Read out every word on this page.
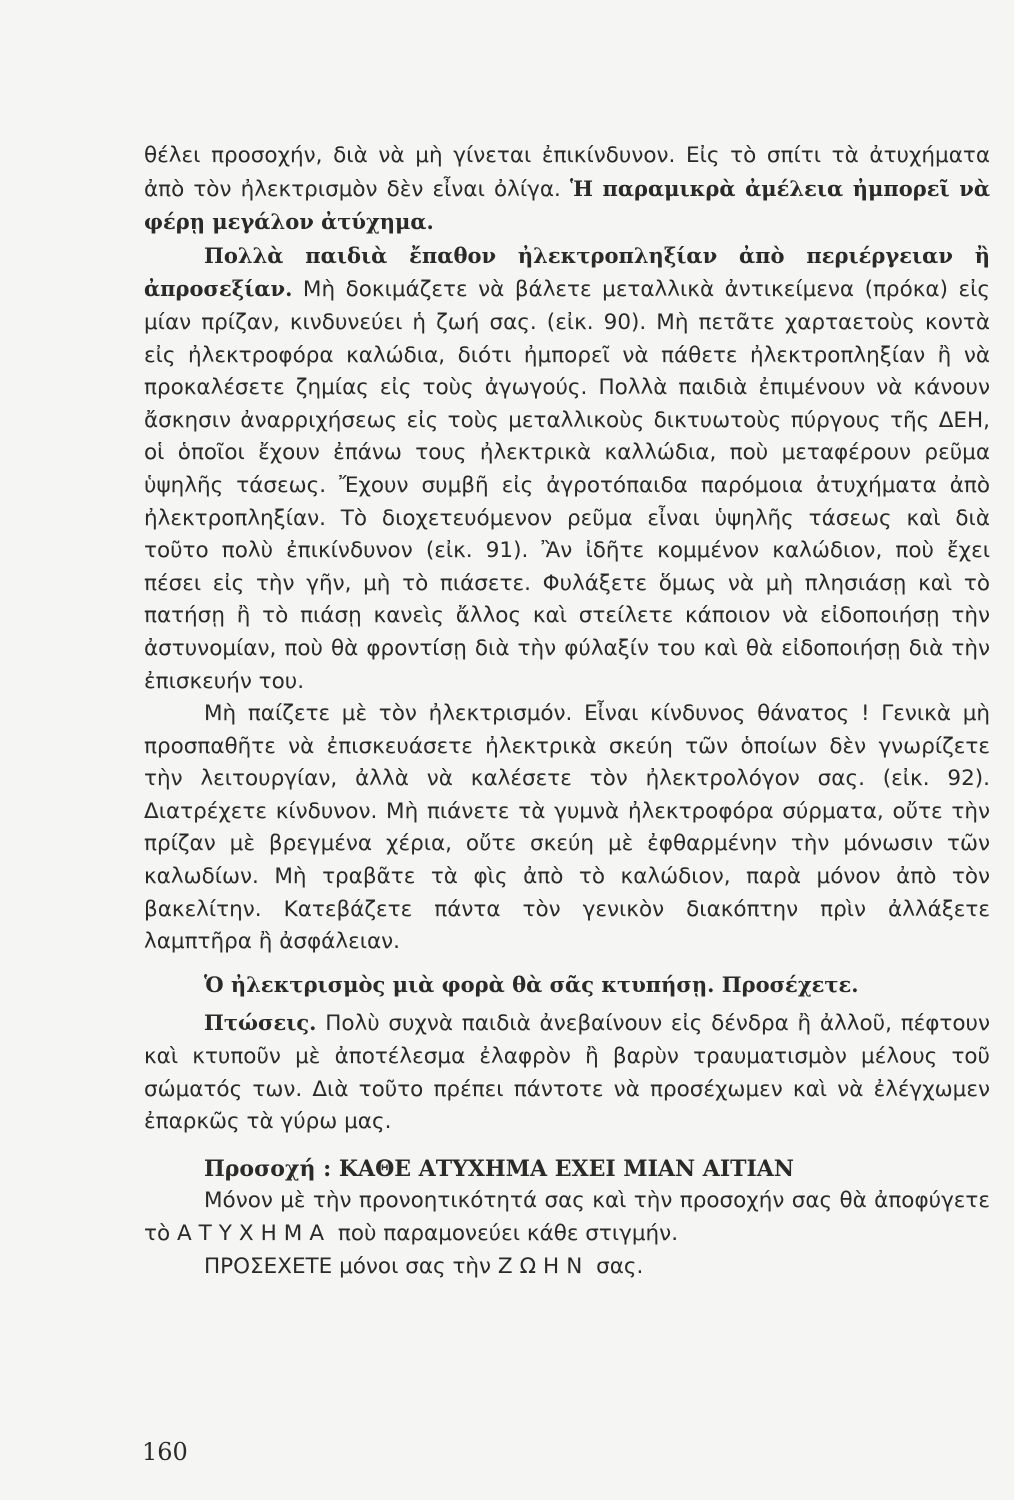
θέλει προσοχήν, διὰ νὰ μὴ γίνεται ἐπικίνδυνον. Εἰς τὸ σπίτι τὰ ἀτυχήματα ἀπὸ τὸν ἠλεκτρισμὸν δὲν εἶναι ὀλίγα. Ἡ παραμικρὰ ἀμέλεια ἠμπορεῖ νὰ φέρῃ μεγάλον ἀτύχημα.

Πολλὰ παιδιὰ ἔπαθον ἠλεκτροπληξίαν ἀπὸ περιέργειαν ἢ ἀπροσεξίαν. Μὴ δοκιμάζετε νὰ βάλετε μεταλλικὰ ἀντικείμενα (πρόκα) εἰς μίαν πρίζαν, κινδυνεύει ἡ ζωή σας. (εἰκ. 90). Μὴ πετᾶτε χαρταετοὺς κοντὰ εἰς ἠλεκτροφόρα καλώδια, διότι ἠμπορεῖ νὰ πάθετε ἠλεκτροπληξίαν ἢ νὰ προκαλέσετε ζημίας εἰς τοὺς ἀγωγούς. Πολλὰ παιδιὰ ἐπιμένουν νὰ κάνουν ἄσκησιν ἀναρριχήσεως εἰς τοὺς μεταλλικοὺς δικτυωτοὺς πύργους τῆς ΔΕΗ, οἱ ὁποῖοι ἔχουν ἐπάνω τους ἠλεκτρικὰ καλλώδια, ποὺ μεταφέρουν ρεῦμα ὑψηλῆς τάσεως. Ἔχουν συμβῆ εἰς ἀγροτόπαιδα παρόμοια ἀτυχήματα ἀπὸ ἠλεκτροπληξίαν. Τὸ διοχετευόμενον ρεῦμα εἶναι ὑψηλῆς τάσεως καὶ διὰ τοῦτο πολὺ ἐπικίνδυνον (εἰκ. 91). Ἂν ἰδῆτε κομμένον καλώδιον, ποὺ ἔχει πέσει εἰς τὴν γῆν, μὴ τὸ πιάσετε. Φυλάξετε ὅμως νὰ μὴ πλησιάσῃ καὶ τὸ πατήσῃ ἢ τὸ πιάσῃ κανεὶς ἄλλος καὶ στείλετε κάποιον νὰ εἰδοποιήσῃ τὴν ἀστυνομίαν, ποὺ θὰ φροντίσῃ διὰ τὴν φύλαξίν του καὶ θὰ εἰδοποιήσῃ διὰ τὴν ἐπισκευήν του.

Μὴ παίζετε μὲ τὸν ἠλεκτρισμόν. Εἶναι κίνδυνος θάνατος ! Γενικὰ μὴ προσπαθῆτε νὰ ἐπισκευάσετε ἠλεκτρικὰ σκεύη τῶν ὁποίων δὲν γνωρίζετε τὴν λειτουργίαν, ἀλλὰ νὰ καλέσετε τὸν ἠλεκτρολόγον σας. (εἰκ. 92). Διατρέχετε κίνδυνον. Μὴ πιάνετε τὰ γυμνὰ ἠλεκτροφόρα σύρματα, οὔτε τὴν πρίζαν μὲ βρεγμένα χέρια, οὔτε σκεύη μὲ ἐφθαρμένην τὴν μόνωσιν τῶν καλωδίων. Μὴ τραβᾶτε τὰ φὶς ἀπὸ τὸ καλώδιον, παρὰ μόνον ἀπὸ τὸν βακελίτην. Κατεβάζετε πάντα τὸν γενικὸν διακόπτην πρὶν ἀλλάξετε λαμπτῆρα ἢ ἀσφάλειαν.

Ὁ ἠλεκτρισμὸς μιὰ φορὰ θὰ σᾶς κτυπήσῃ. Προσέχετε.

Πτώσεις. Πολὺ συχνὰ παιδιὰ ἀνεβαίνουν εἰς δένδρα ἢ ἀλλοῦ, πέφτουν καὶ κτυποῦν μὲ ἀποτέλεσμα ἐλαφρὸν ἢ βαρὺν τραυματισμὸν μέλους τοῦ σώματός των. Διὰ τοῦτο πρέπει πάντοτε νὰ προσέχωμεν καὶ νὰ ἐλέγχωμεν ἐπαρκῶς τὰ γύρω μας.

Προσοχή : ΚΑΘΕ ΑΤΥΧΗΜΑ ΕΧΕΙ ΜΙΑΝ ΑΙΤΙΑΝ

Μόνον μὲ τὴν προνοητικότητά σας καὶ τὴν προσοχήν σας θὰ ἀποφύγετε τὸ ΑΤΥΧΗΜΑ ποὺ παραμονεύει κάθε στιγμήν.

ΠΡΟΣΕΧΕΤΕ μόνοι σας τὴν ΖΩΗΝ σας.

160
